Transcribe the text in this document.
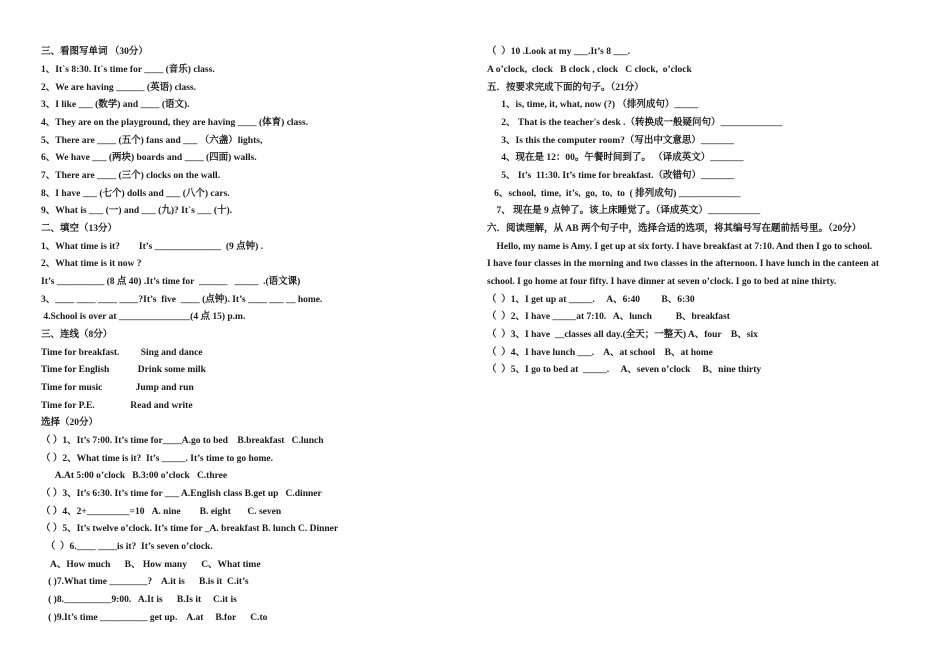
三、看图写单词 （30分）
1、It`s 8:30. It`s time for ____ (音乐) class.
2、We are having ______ (英语) class.
3、I like ___ (数学) and ____ (语文).
4、They are on the playground, they are having ____ (体育) class.
5、There are ____ (五个) fans and ___ （六盏）lights,
6、We have ___ (两块) boards and ____ (四面) walls.
7、There are ____ (三个) clocks on the wall.
8、I have ___ (七个) dolls and ___ (八个) cars.
9、What is ___ (一) and ___ (九)? It`s ___ (十).
二、填空（13分）
1、What time is it?        It’s ______________  (9 点钟) .
2、What time is it now ?
It’s __________ (8 点 40) .It’s time for  ______   _____  .(语文课)
3、____ ____ ____ ____?It’s  five  ____ (点钟). It’s ____ ___ __ home.
4.School is over at _______________(4 点 15) p.m.
三、连线（8分）
Time for breakfast.         Sing and dance
Time for English            Drink some milk
Time for music              Jump and run
Time for P.E.               Read and write
选择（20分）
（ ）1、It’s 7:00. It’s time for____A.go to bed    B.breakfast   C.lunch
（ ）2、What time is it?  It’s _____. It’s time to go home.
A.At 5:00 o’clock   B.3:00 o’clock   C.three
（ ）3、It’s 6:30. It’s time for ___ A.English class B.get up   C.dinner
（ ）4、2+_________=10   A. nine        B. eight       C. seven
（ ）5、It’s twelve o’clock. It’s time for _A. breakfast B. lunch C. Dinner
（  ）6.____ ____is it?  It’s seven o’clock.
A、How much      B、 How many      C、What time
( )7.What time ________?    A.it is      B.is it  C.it’s
( )8.__________9:00.   A.It is      B.Is it     C.it is
( )9.It’s time __________ get up.    A.at     B.for      C.to
（  ）10 .Look at my ___.It’s 8 ___.
A o’clock,  clock   B clock , clock   C clock,  o’clock
五．按要求完成下面的句子。（21分）
1、is, time, it, what, now (?) （排列成句）_____
2、 That is the teacher's desk .（转换成一般疑问句）_____________
3、Is this the computer room?（写出中文意思）_______
4、现在是 12：00。午餐时间到了。 （译成英文）_______
5、 It’s  11:30. It’s time for breakfast.（改错句）_______
6、school,  time,  it’s,  go,  to,  to  ( 排列成句) _____________
7、 现在是 9 点钟了。该上床睡觉了。（译成英文）___________
六．阅读理解，从 AB 两个句子中，选择合适的选项，将其编号写在题前括号里。（20分）
Hello, my name is Amy. I get up at six forty. I have breakfast at 7:10. And then I go to school.
I have four classes in the morning and two classes in the afternoon. I have lunch in the canteen at
school. I go home at four fifty. I have dinner at seven o’clock. I go to bed at nine thirty.
（  ）1、I get up at _____.     A、6:40         B、6:30
（  ）2、I have _____at 7:10.   A、lunch          B、breakfast
（  ）3、I have  __classes all day.(全天；一整天) A、four    B、six
（  ）4、I have lunch ___.    A、at school    B、at home
（  ）5、I go to bed at  _____.     A、seven o’clock     B、nine thirty
